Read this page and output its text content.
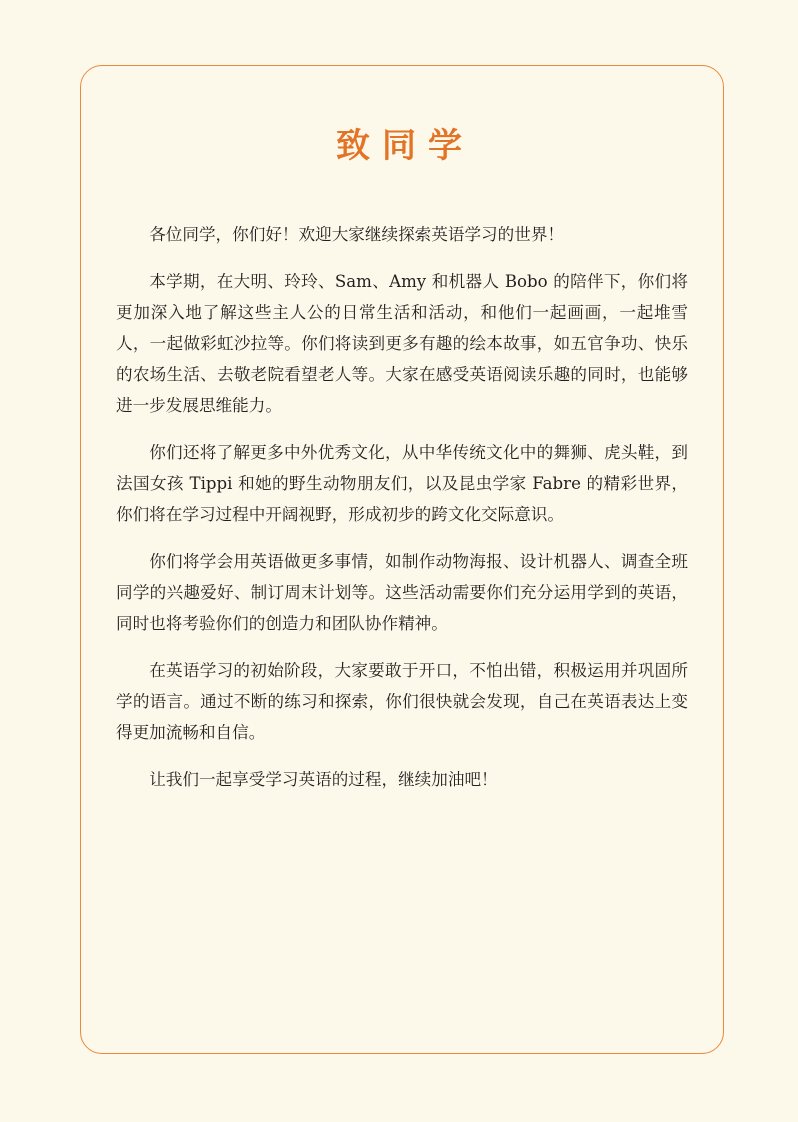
致同学

各位同学，你们好！欢迎大家继续探索英语学习的世界！

本学期，在大明、玲玲、Sam、Amy 和机器人 Bobo 的陪伴下，你们将更加深入地了解这些主人公的日常生活和活动，和他们一起画画，一起堆雪人，一起做彩虹沙拉等。你们将读到更多有趣的绘本故事，如五官争功、快乐的农场生活、去敬老院看望老人等。大家在感受英语阅读乐趣的同时，也能够进一步发展思维能力。

你们还将了解更多中外优秀文化，从中华传统文化中的舞狮、虎头鞋，到法国女孩 Tippi 和她的野生动物朋友们，以及昆虫学家 Fabre 的精彩世界，你们将在学习过程中开阔视野，形成初步的跨文化交际意识。

你们将学会用英语做更多事情，如制作动物海报、设计机器人、调查全班同学的兴趣爱好、制订周末计划等。这些活动需要你们充分运用学到的英语，同时也将考验你们的创造力和团队协作精神。

在英语学习的初始阶段，大家要敢于开口，不怕出错，积极运用并巩固所学的语言。通过不断的练习和探索，你们很快就会发现，自己在英语表达上变得更加流畅和自信。

让我们一起享受学习英语的过程，继续加油吧！
